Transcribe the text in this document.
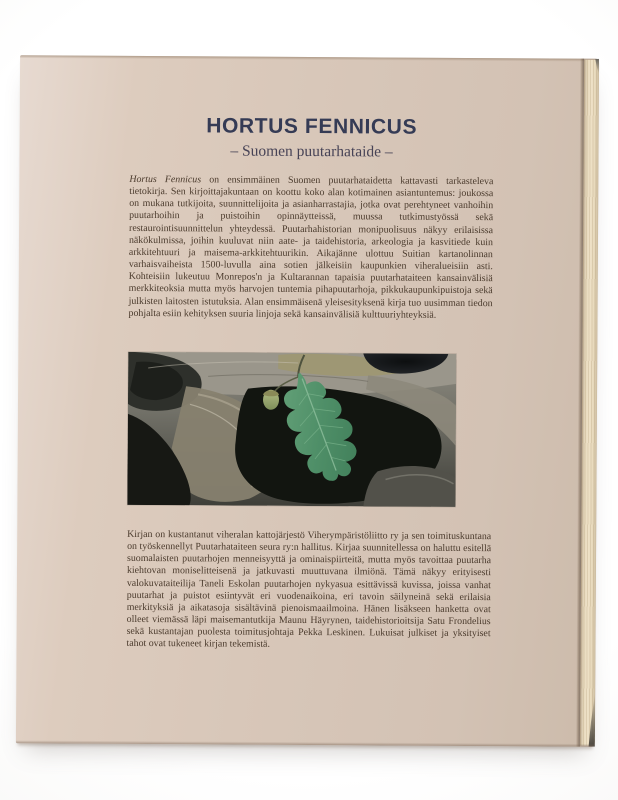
HORTUS FENNICUS
– Suomen puutarhataide –
Hortus Fennicus on ensimmäinen Suomen puutarhataidetta kattavasti tarkasteleva tietokirja. Sen kirjoittajakuntaan on koottu koko alan kotimainen asiantuntemus: joukossa on mukana tutkijoita, suunnittelijoita ja asianharrastajia, jotka ovat perehtyneet vanhoihin puutarhoihin ja puistoihin opinnäytteissä, muussa tutkimustyössä sekä restaurointisuunnittelun yhteydessä. Puutarhahistorian monipuolisuus näkyy erilaisissa näkökulmissa, joihin kuuluvat niin aate- ja taidehistoria, arkeologia ja kasvitiede kuin arkkitehtuuri ja maisema-arkkitehtuurikin. Aikajänne ulottuu Suitian kartanolinnan varhaisvaiheista 1500-luvulla aina sotien jälkeisiin kaupunkien viheralueisiin asti. Kohteisiin lukeutuu Monrepos'n ja Kultarannan tapaisia puutarhataiteen kansainvälisiä merkkiteoksia mutta myös harvojen tuntemia pihapuutarhoja, pikkukaupunkipuistoja sekä julkisten laitosten istutuksia. Alan ensimmäisenä yleisesityksenä kirja tuo uusimman tiedon pohjalta esiin kehityksen suuria linjoja sekä kansainvälisiä kulttuuriyhteyksiä.
Kirjan on kustantanut viheralan kattojärjestö Viherympäristöliitto ry ja sen toimituskuntana on työskennellyt Puutarhataiteen seura ry:n hallitus. Kirjaa suunnitellessa on haluttu esitellä suomalaisten puutarhojen menneisyyttä ja ominaispiirteitä, mutta myös tavoittaa puutarha kiehtovan moniselitteisenä ja jatkuvasti muuttuvana ilmiönä. Tämä näkyy erityisesti valokuvataiteilija Taneli Eskolan puutarhojen nykyasua esittävissä kuvissa, joissa vanhat puutarhat ja puistot esiintyvät eri vuodenaikoina, eri tavoin säilyneinä sekä erilaisia merkityksiä ja aikatasoja sisältävinä pienoismaailmoina. Hänen lisäkseen hanketta ovat olleet viemässä läpi maisemantutkija Maunu Häyrynen, taidehistorioitsija Satu Frondelius sekä kustantajan puolesta toimitusjohtaja Pekka Leskinen. Lukuisat julkiset ja yksityiset tahot ovat tukeneet kirjan tekemistä.
